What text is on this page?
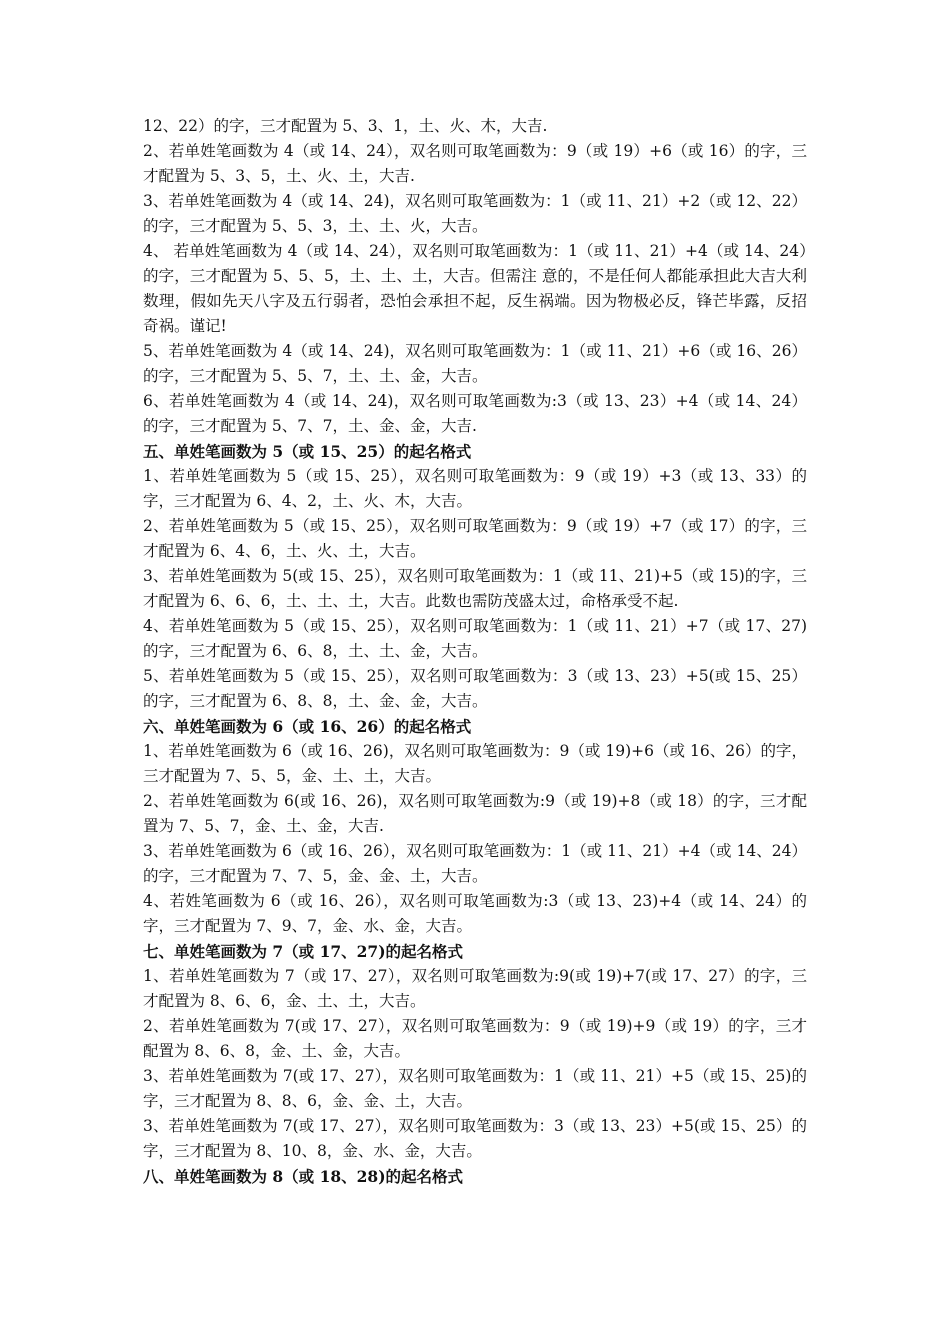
12、22）的字，三才配置为 5、3、1，土、火、木，大吉.

2、若单姓笔画数为 4（或 14、24），双名则可取笔画数为：9（或 19）+6（或 16）的字，三才配置为 5、3、5，土、火、土，大吉.

3、若单姓笔画数为 4（或 14、24)，双名则可取笔画数为：1（或 11、21）+2（或 12、22）的字，三才配置为 5、5、3，土、土、火，大吉。

4、 若单姓笔画数为 4（或 14、24），双名则可取笔画数为：1（或 11、21）+4（或 14、24）的字，三才配置为 5、5、5，土、土、土，大吉。但需注 意的，不是任何人都能承担此大吉大利数理，假如先天八字及五行弱者，恐怕会承担不起，反生祸端。因为物极必反，锋芒毕露，反招奇祸。谨记!

5、若单姓笔画数为 4（或 14、24)，双名则可取笔画数为：1（或 11、21）+6（或 16、26）的字，三才配置为 5、5、7，土、土、金，大吉。

6、若单姓笔画数为 4（或 14、24)，双名则可取笔画数为:3（或 13、23）+4（或 14、24）的字，三才配置为 5、7、7，土、金、金，大吉.

五、单姓笔画数为 5（或 15、25）的起名格式

1、若单姓笔画数为 5（或 15、25），双名则可取笔画数为：9（或 19）+3（或 13、33）的字，三才配置为 6、4、2，土、火、木，大吉。

2、若单姓笔画数为 5（或 15、25），双名则可取笔画数为：9（或 19）+7（或 17）的字，三才配置为 6、4、6，土、火、土，大吉。

3、若单姓笔画数为 5(或 15、25），双名则可取笔画数为：1（或 11、21)+5（或 15)的字，三才配置为 6、6、6，土、土、土，大吉。此数也需防茂盛太过，命格承受不起.

4、若单姓笔画数为 5（或 15、25），双名则可取笔画数为：1（或 11、21）+7（或 17、27)的字，三才配置为 6、6、8，土、土、金，大吉。

5、若单姓笔画数为 5（或 15、25），双名则可取笔画数为：3（或 13、23）+5(或 15、25）的字，三才配置为 6、8、8，土、金、金，大吉。

六、单姓笔画数为 6（或 16、26）的起名格式

1、若单姓笔画数为 6（或 16、26)，双名则可取笔画数为：9（或 19)+6（或 16、26）的字，三才配置为 7、5、5，金、土、土，大吉。

2、若单姓笔画数为 6(或 16、26)，双名则可取笔画数为:9（或 19)+8（或 18）的字，三才配置为 7、5、7，金、土、金，大吉.

3、若单姓笔画数为 6（或 16、26），双名则可取笔画数为：1（或 11、21）+4（或 14、24）的字，三才配置为 7、7、5，金、金、土，大吉。

4、若姓笔画数为 6（或 16、26），双名则可取笔画数为:3（或 13、23)+4（或 14、24）的字，三才配置为 7、9、7，金、水、金，大吉。

七、单姓笔画数为 7（或 17、27)的起名格式

1、若单姓笔画数为 7（或 17、27），双名则可取笔画数为:9(或 19)+7(或 17、27）的字，三才配置为 8、6、6，金、土、土，大吉。

2、若单姓笔画数为 7(或 17、27），双名则可取笔画数为：9（或 19)+9（或 19）的字，三才配置为 8、6、8，金、土、金，大吉。

3、若单姓笔画数为 7(或 17、27），双名则可取笔画数为：1（或 11、21）+5（或 15、25)的字，三才配置为 8、8、6，金、金、土，大吉。

3、若单姓笔画数为 7(或 17、27），双名则可取笔画数为：3（或 13、23）+5(或 15、25）的字，三才配置为 8、10、8，金、水、金，大吉。

八、单姓笔画数为 8（或 18、28)的起名格式
